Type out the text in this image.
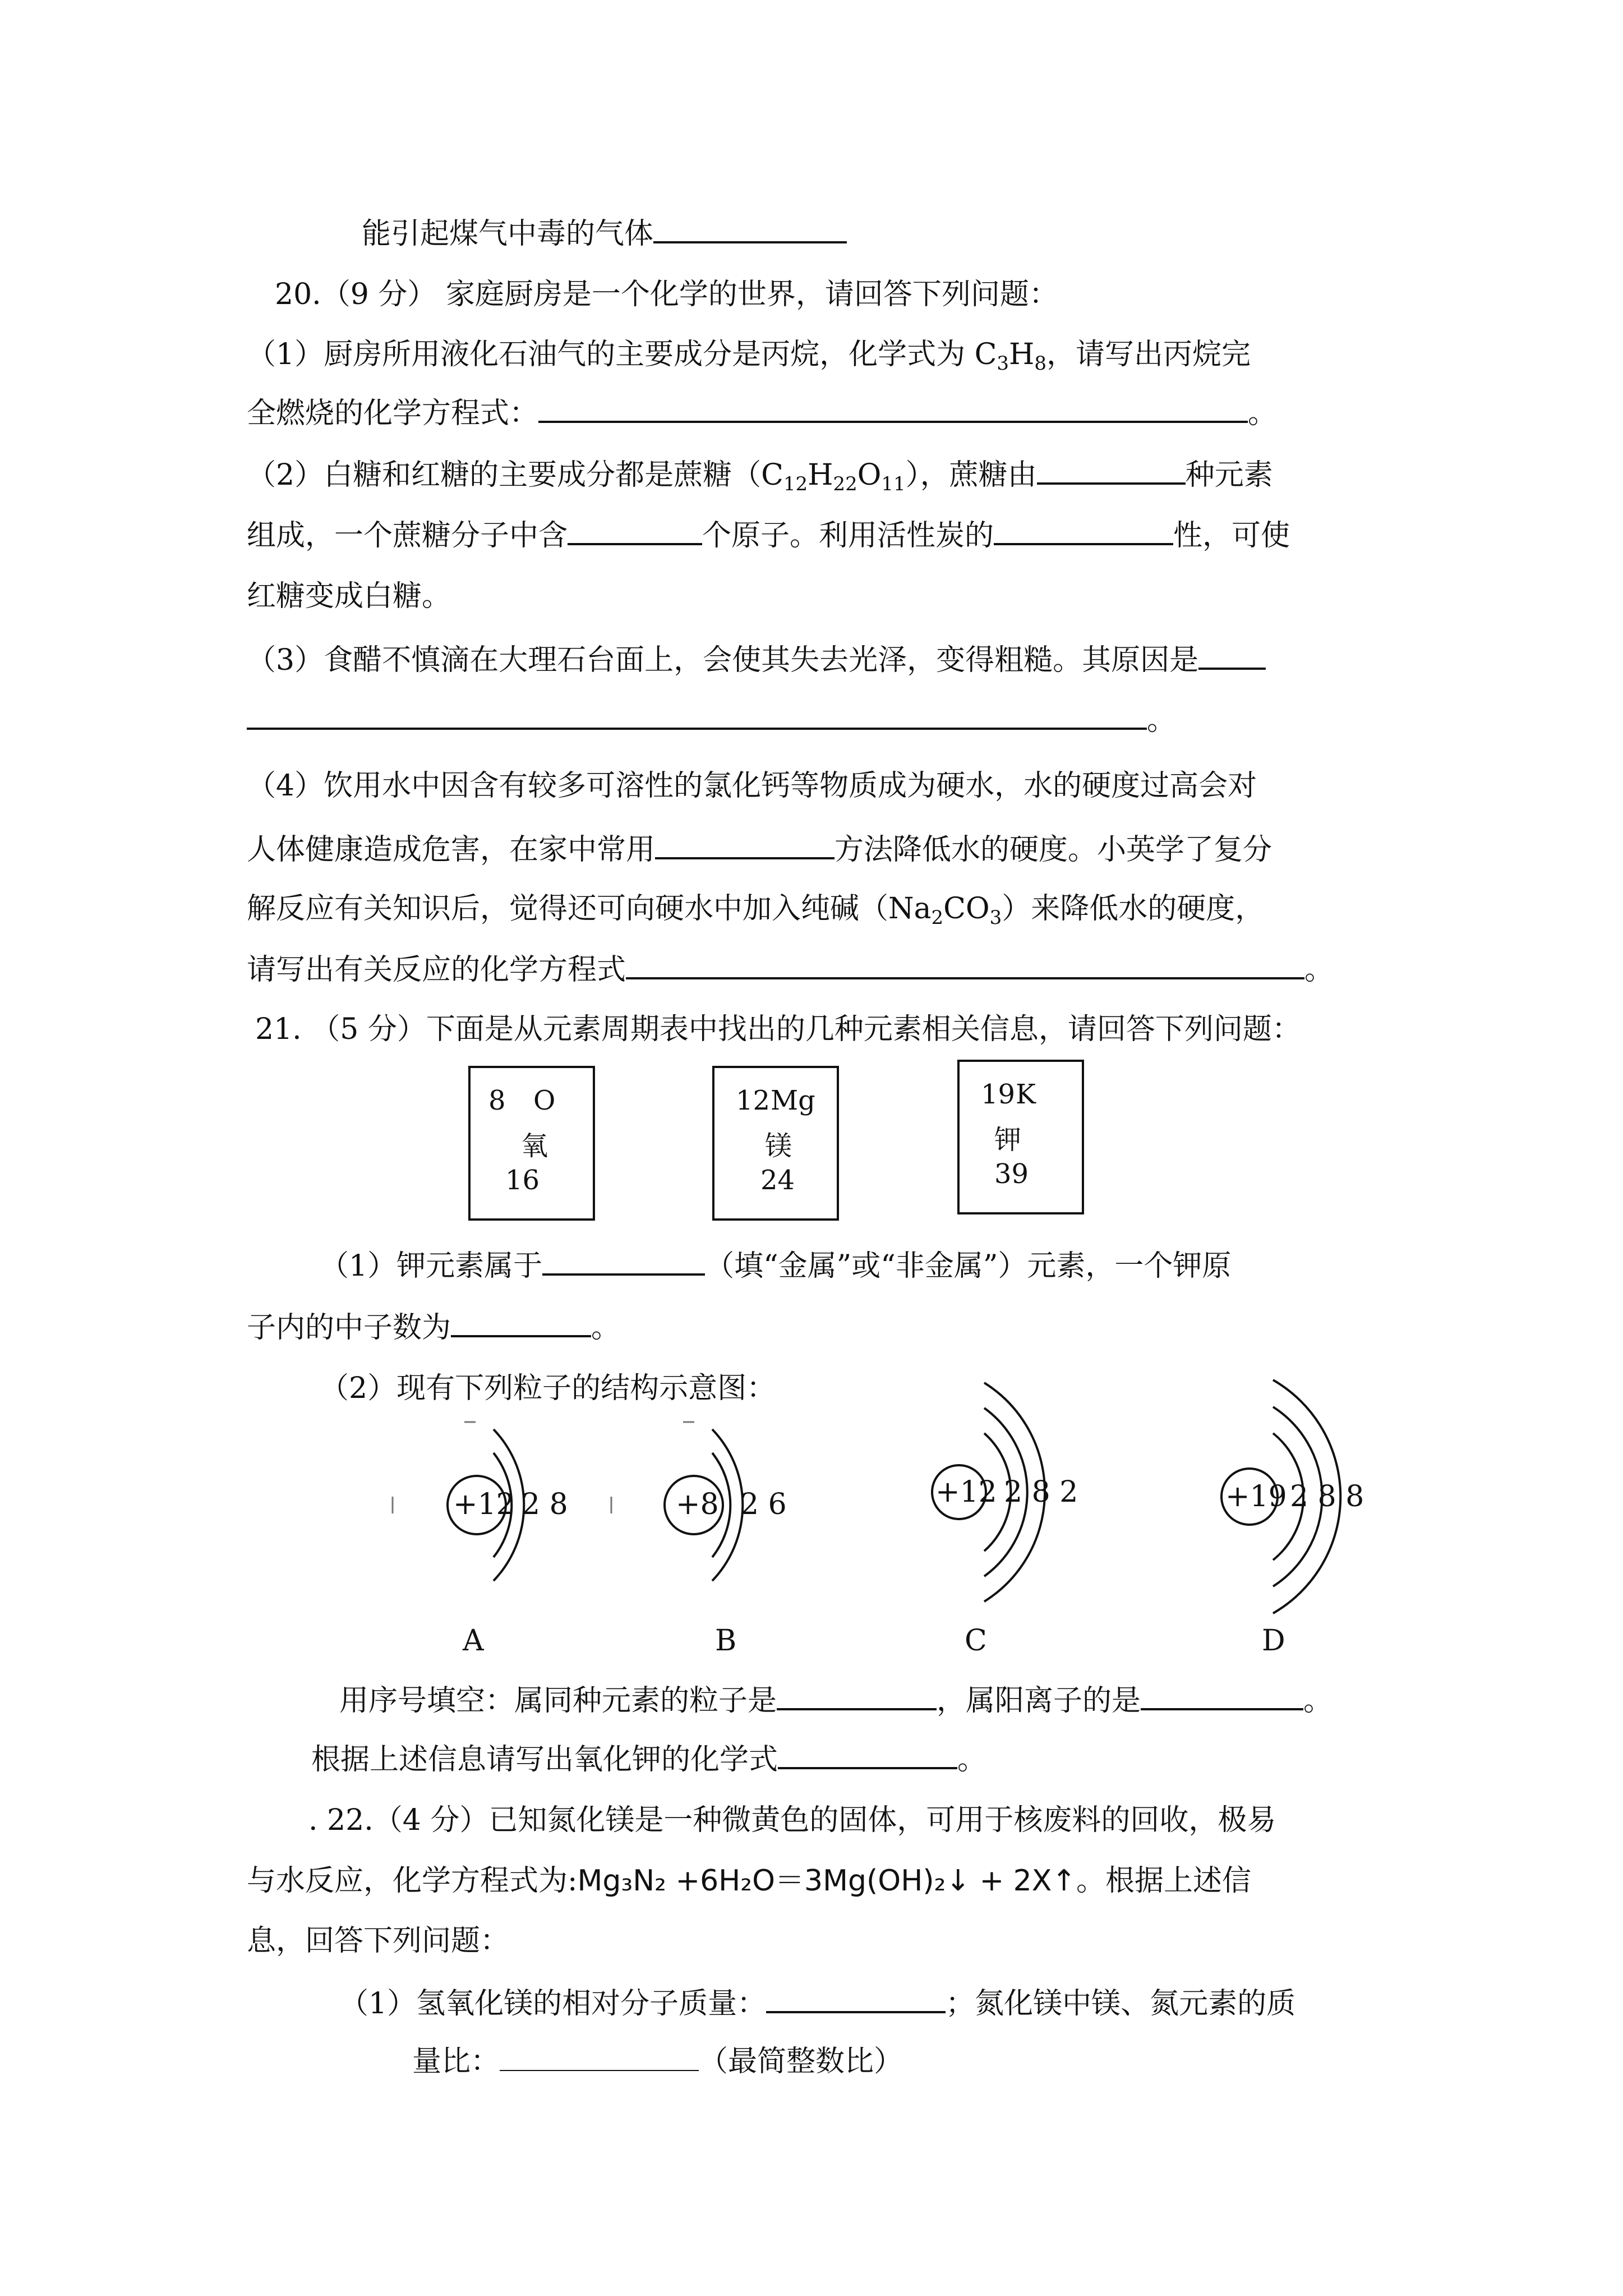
能引起煤气中毒的气体
20.（9 分） 家庭厨房是一个化学的世界，请回答下列问题：
（1）厨房所用液化石油气的主要成分是丙烷，化学式为 $C_3H_8$，请写出丙烷完
全燃烧的化学方程式：	。
（2）白糖和红糖的主要成分都是蔗糖$(C_{12}H_{22}O_{11})$，蔗糖由	种元素
组成，一个蔗糖分子中含	个原子。利用活性炭的	性，可使
红糖变成白糖。
（3）食醋不慎滴在大理石台面上，会使其失去光泽，变得粗糙。其原因是
。
（4）饮用水中因含有较多可溶性的氯化钙等物质成为硬水，水的硬度过高会对
人体健康造成危害，在家中常用	方法降低水的硬度。小英学了复分
解反应有关知识后，觉得还可向硬水中加入纯碱$(Na_2CO_3)$来降低水的硬度，
请写出有关反应的化学方程式	。
21. （5 分）下面是从元素周期表中找出的几种元素相关信息，请回答下列问题：
8 O
氧
16
12 Mg
镁
24
19 K
钾
39
（1）钾元素属于	（填“金属”或“非金属”）元素，一个钾原
子内的中子数为	。
（2）现有下列粒子的结构示意图：
+12 2 8
A
+8 2 6
B
+12 2 8 2
C
+19 2 8 8
D
用序号填空：属同种元素的粒子是	，属阳离子的是	。
根据上述信息请写出氧化钾的化学式	。
. 22.（4 分）已知氮化镁是一种微黄色的固体，可用于核废料的回收，极易
与水反应，化学方程式为:Mg₃N₂ +6H₂O＝3Mg(OH)₂↓ + 2X↑。根据上述信
息，回答下列问题：
（1）氢氧化镁的相对分子质量：	；氮化镁中镁、氮元素的质
量比：	（最简整数比）
